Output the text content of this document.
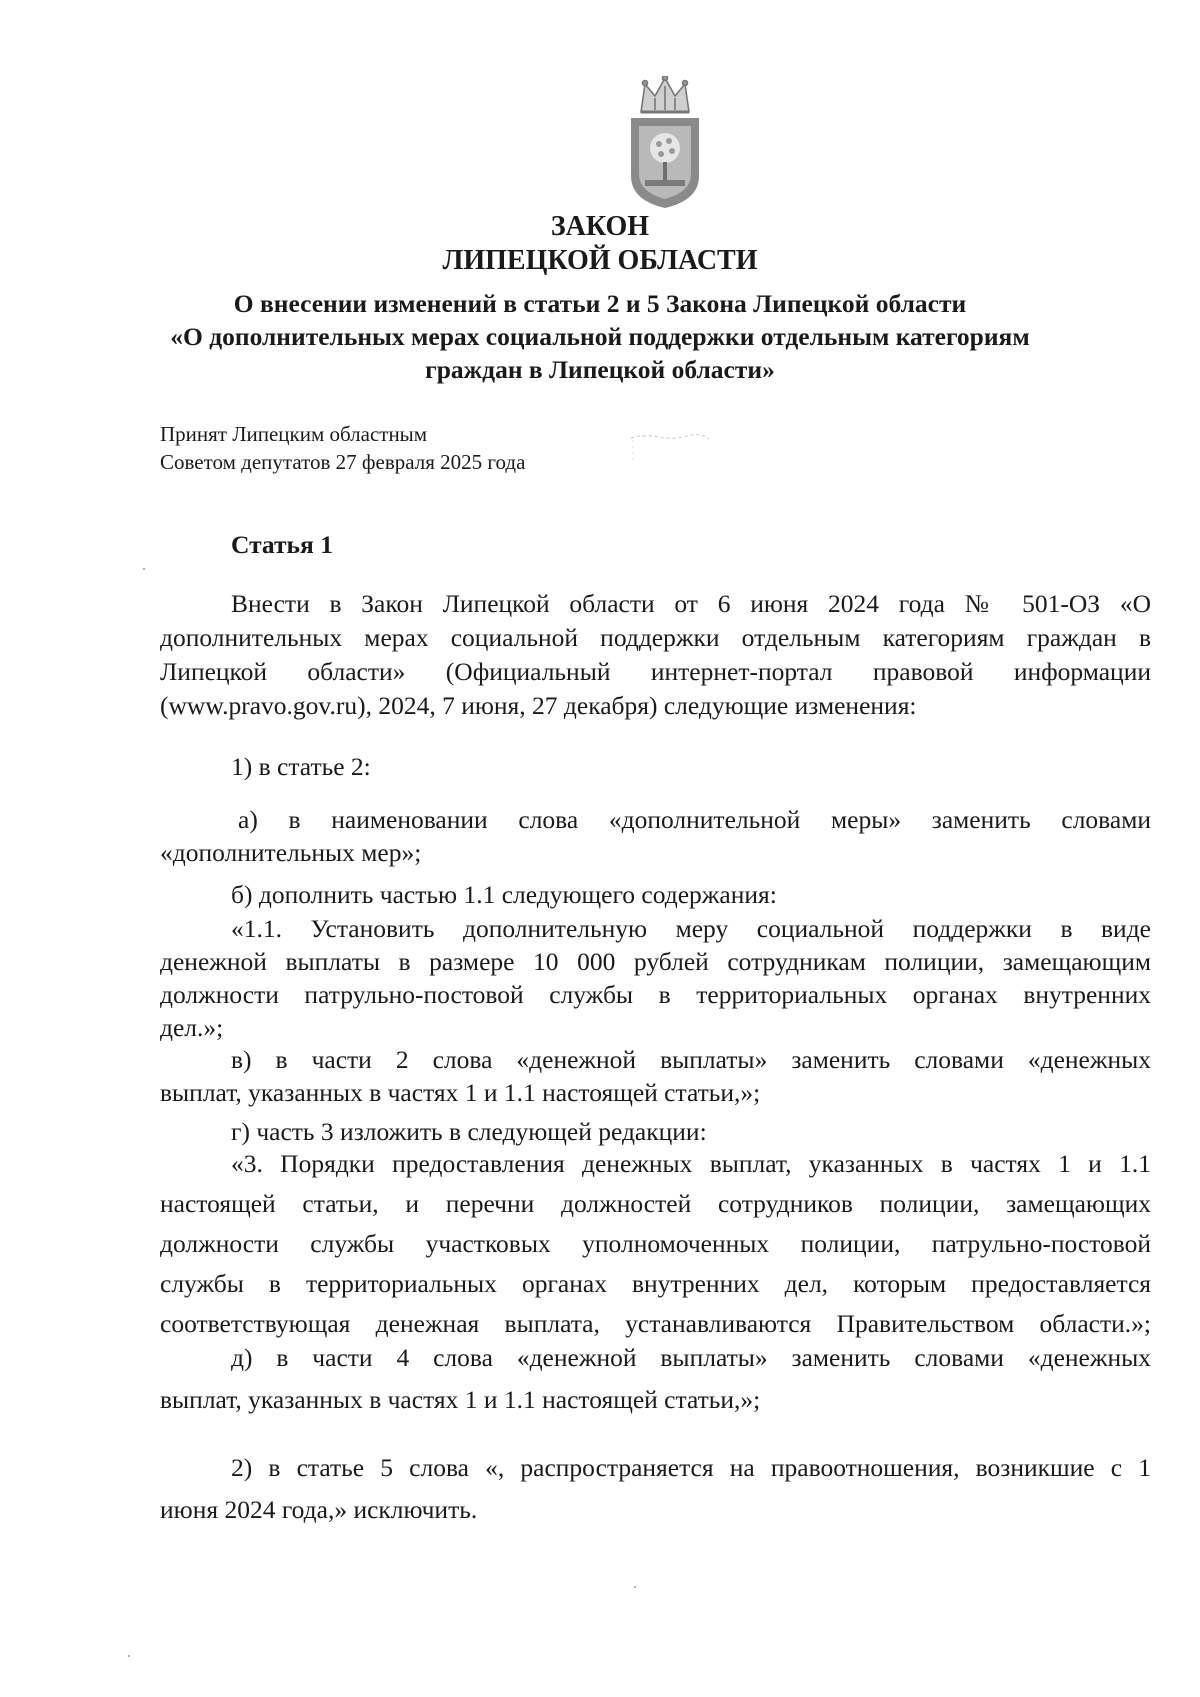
ЗАКОН
ЛИПЕЦКОЙ ОБЛАСТИ
О внесении изменений в статьи 2 и 5 Закона Липецкой области
«О дополнительных мерах социальной поддержки отдельным категориям
граждан в Липецкой области»
Принят Липецким областным
Советом депутатов 27 февраля 2025 года
Статья 1
Внести в Закон Липецкой области от 6 июня 2024 года № 501-ОЗ «О
дополнительных мерах социальной поддержки отдельным категориям граждан в
Липецкой области» (Официальный интернет-портал правовой информации
(www.pravo.gov.ru), 2024, 7 июня, 27 декабря) следующие изменения:
1) в статье 2:
а) в наименовании слова «дополнительной меры» заменить словами
«дополнительных мер»;
б) дополнить частью 1.1 следующего содержания:
«1.1. Установить дополнительную меру социальной поддержки в виде
денежной выплаты в размере 10 000 рублей сотрудникам полиции, замещающим
должности патрульно-постовой службы в территориальных органах внутренних
дел.»;
в) в части 2 слова «денежной выплаты» заменить словами «денежных
выплат, указанных в частях 1 и 1.1 настоящей статьи,»;
г) часть 3 изложить в следующей редакции:
«3. Порядки предоставления денежных выплат, указанных в частях 1 и 1.1
настоящей статьи, и перечни должностей сотрудников полиции, замещающих
должности службы участковых уполномоченных полиции, патрульно-постовой
службы в территориальных органах внутренних дел, которым предоставляется
соответствующая денежная выплата, устанавливаются Правительством области.»;
д) в части 4 слова «денежной выплаты» заменить словами «денежных
выплат, указанных в частях 1 и 1.1 настоящей статьи,»;
2) в статье 5 слова «, распространяется на правоотношения, возникшие с 1
июня 2024 года,» исключить.
